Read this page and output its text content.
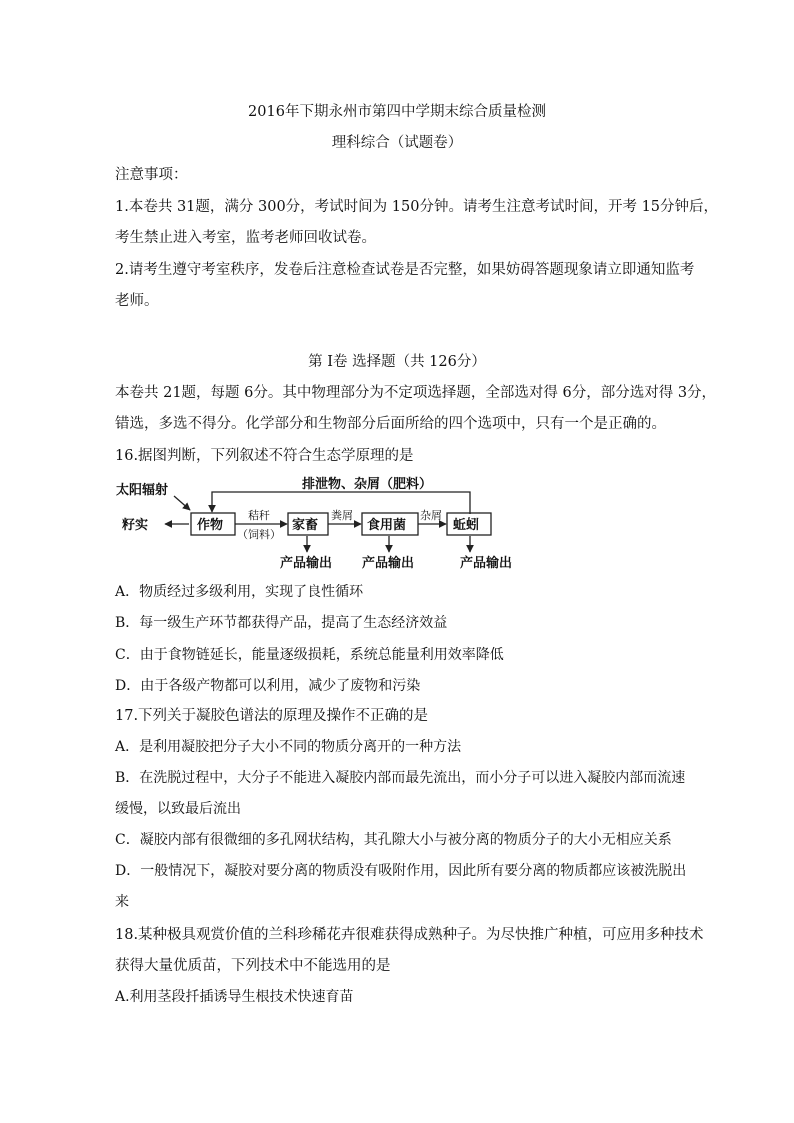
2016年下期永州市第四中学期末综合质量检测
理科综合（试题卷）
注意事项：
1.本卷共 31题，满分 300分，考试时间为 150分钟。请考生注意考试时间，开考 15分钟后，
考生禁止进入考室，监考老师回收试卷。
2.请考生遵守考室秩序，发卷后注意检查试卷是否完整，如果妨碍答题现象请立即通知监考
老师。
第 I卷 选择题（共 126分）
本卷共 21题，每题 6分。其中物理部分为不定项选择题，全部选对得 6分，部分选对得 3分，
错选，多选不得分。化学部分和生物部分后面所给的四个选项中，只有一个是正确的。
16.据图判断，下列叙述不符合生态学原理的是
太阳辐射	排泄物、杂屑（肥料）
籽实	作物	家畜	食用菌	蚯蚓
产品输出 产品输出	产品输出
秸秆
（饲料）
粪屑	杂屑
A．物质经过多级利用，实现了良性循环
B．每一级生产环节都获得产品，提高了生态经济效益
C．由于食物链延长，能量逐级损耗，系统总能量利用效率降低
D．由于各级产物都可以利用，减少了废物和污染
17.下列关于凝胶色谱法的原理及操作不正确的是
A．是利用凝胶把分子大小不同的物质分离开的一种方法
B．在洗脱过程中，大分子不能进入凝胶内部而最先流出，而小分子可以进入凝胶内部而流速
缓慢，以致最后流出
C．凝胶内部有很微细的多孔网状结构，其孔隙大小与被分离的物质分子的大小无相应关系
D．一般情况下，凝胶对要分离的物质没有吸附作用，因此所有要分离的物质都应该被洗脱出
来
18.某种极具观赏价值的兰科珍稀花卉很难获得成熟种子。为尽快推广种植，可应用多种技术
获得大量优质苗，下列技术中不能选用的是
A.利用茎段扦插诱导生根技术快速育苗
